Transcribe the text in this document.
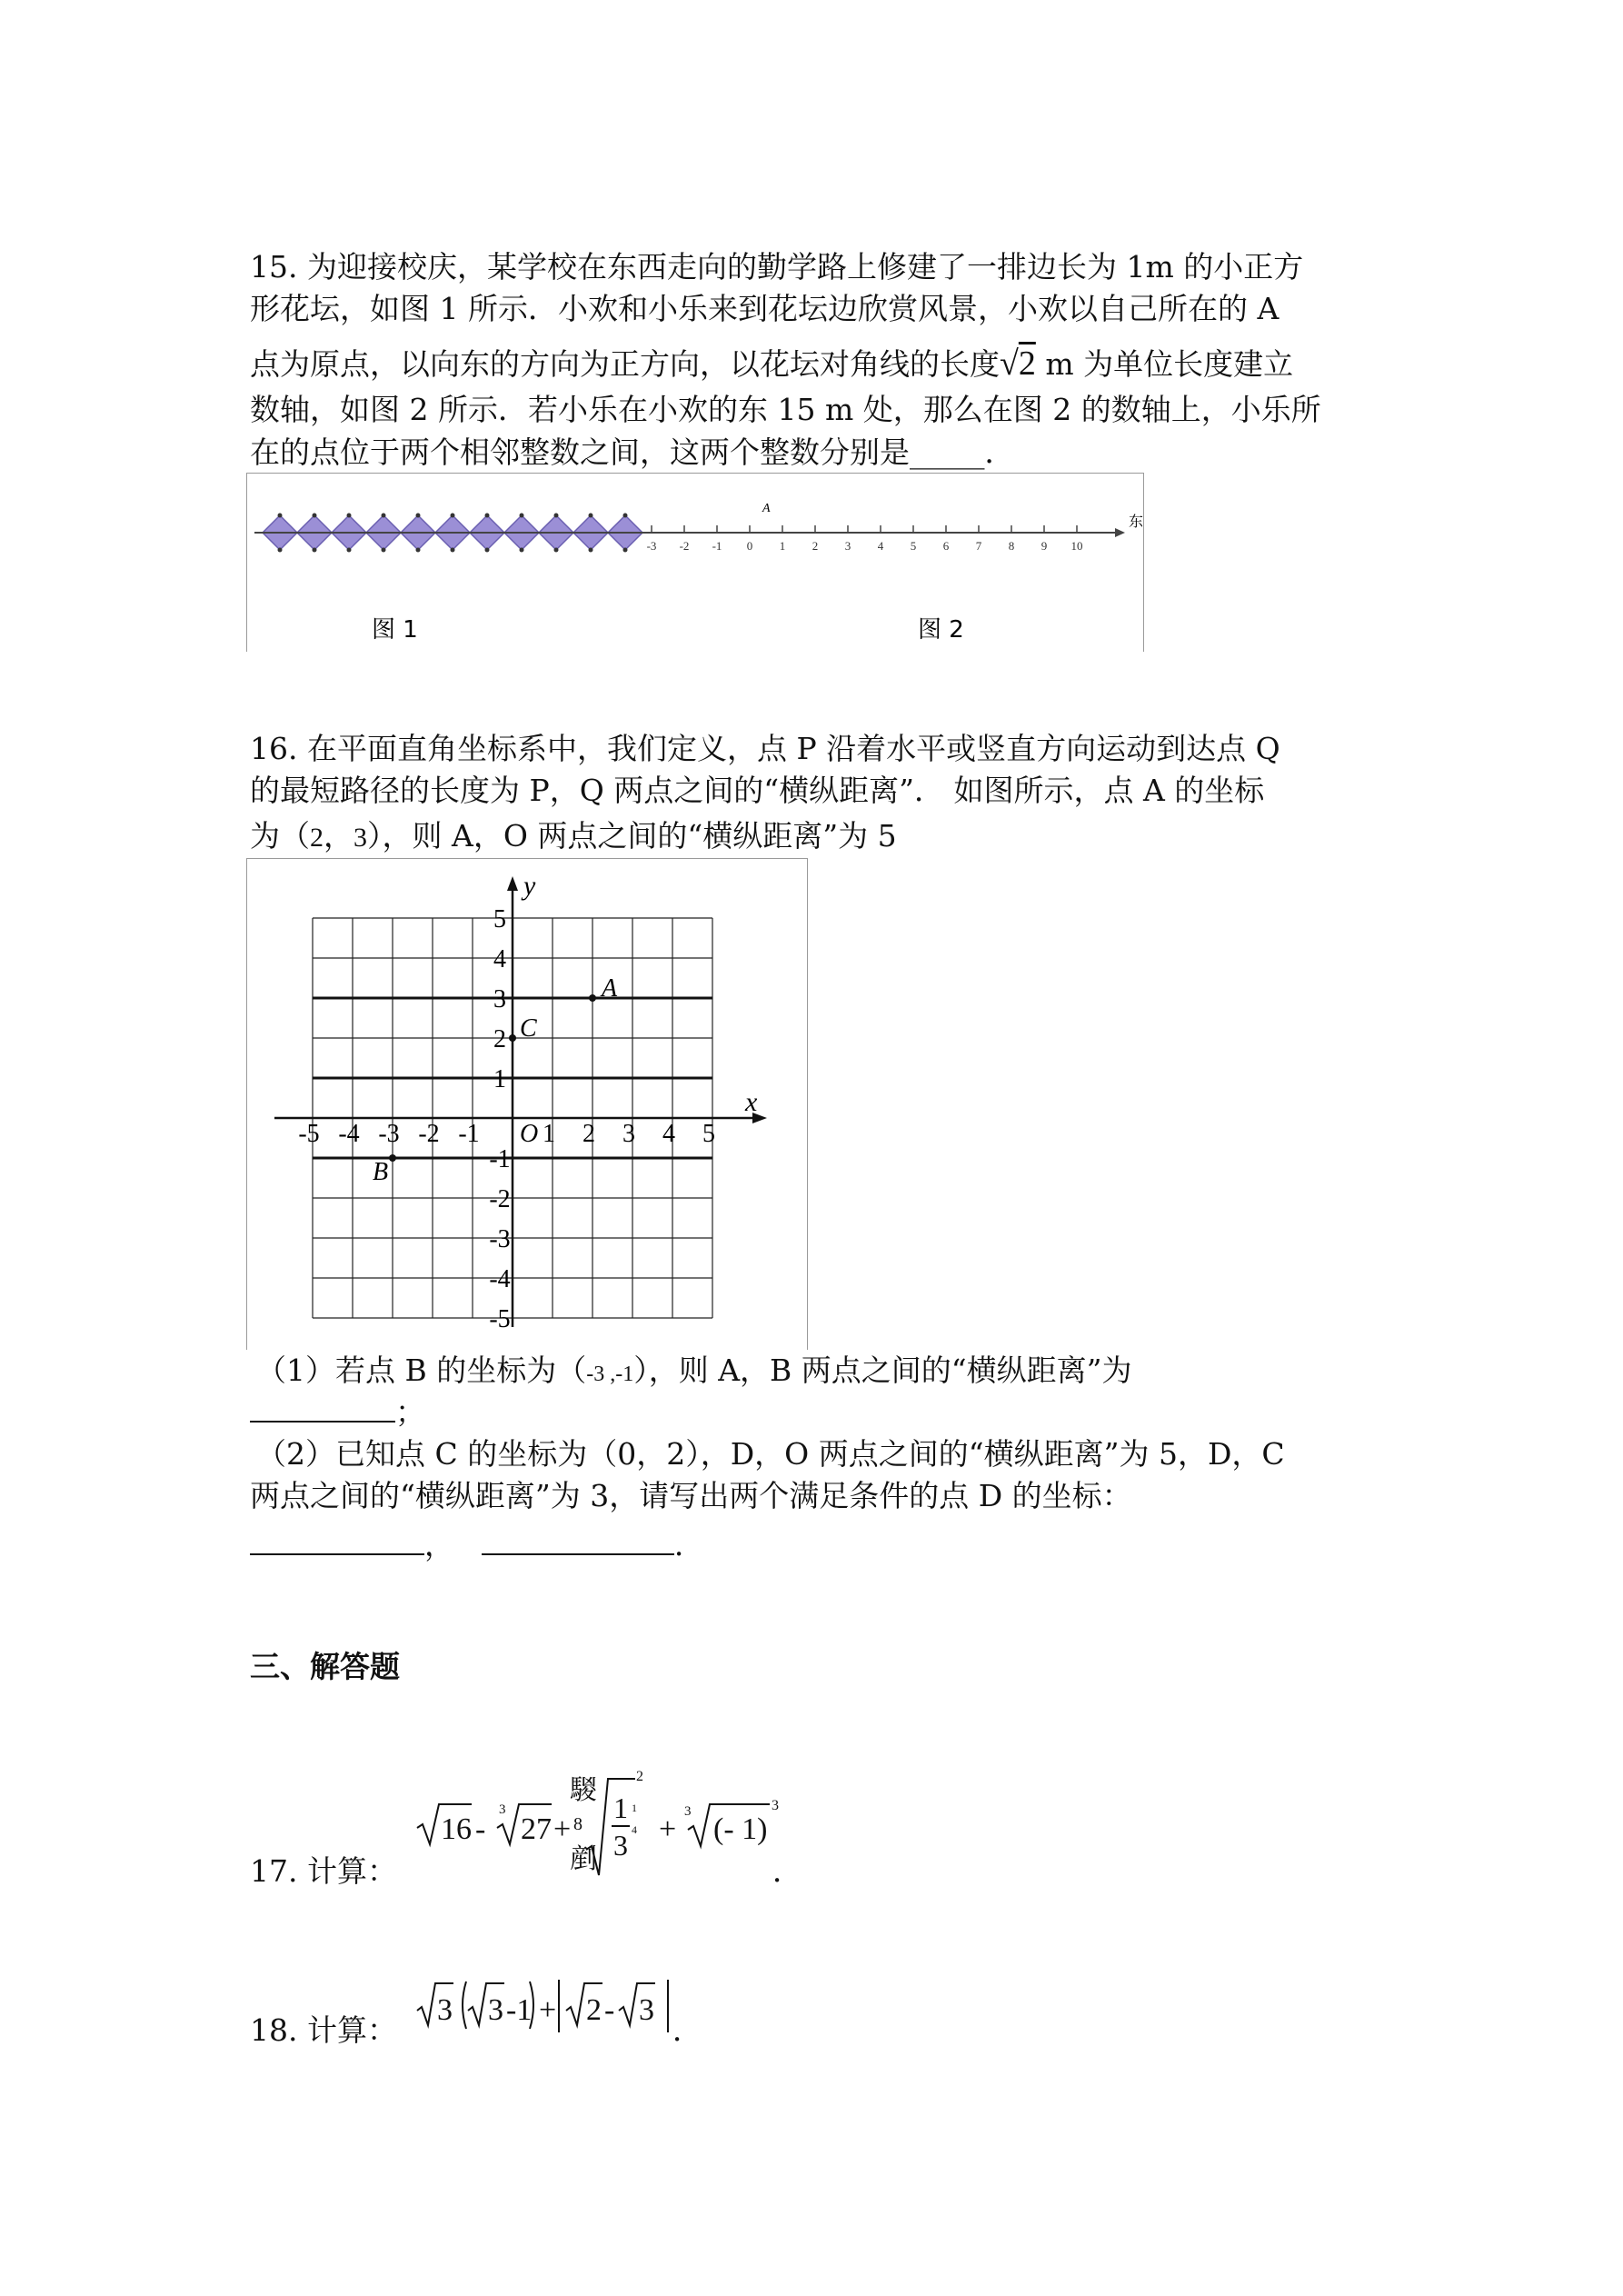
15. 为迎接校庆，某学校在东西走向的勤学路上修建了一排边长为 1m 的小正方
形花坛，如图 1 所示．小欢和小乐来到花坛边欣赏风景，小欢以自己所在的 A
点为原点，以向东的方向为正方向，以花坛对角线的长度√2 m 为单位长度建立
数轴，如图 2 所示．若小乐在小欢的东 15 m 处，那么在图 2 的数轴上，小乐所
在的点位于两个相邻整数之间，这两个整数分别是_____．
-3 -2 -1 0 1 2 3 4 5 6 7 8 9 10
A
东
图 1	图 2
16. 在平面直角坐标系中，我们定义，点 P 沿着水平或竖直方向运动到达点 Q
的最短路径的长度为 P，Q 两点之间的“横纵距离”． 如图所示，点 A 的坐标
为（2，3），则 A，O 两点之间的“横纵距离”为 5
x
y
-5 -4 -3 -2 -1 1 2 3 4 5
5
4
3
2
1
-1
-2
-3
-4
-5
O
A
C
B
（1）若点 B 的坐标为（-3 ,-1），则 A，B 两点之间的“横纵距离”为
；
（2）已知点 C 的坐标为（0，2），D，O 两点之间的“横纵距离”为 5，D，C
两点之间的“横纵距离”为 3，请写出两个满足条件的点 D 的坐标：
，	．
三、解答题
17. 计算：
16 -
3
27 +
騣
8
剷
1
3
2
1
4 +
3
(- 1)
3
．
18. 计算：
3 3 -1 + 2 - 3
．
